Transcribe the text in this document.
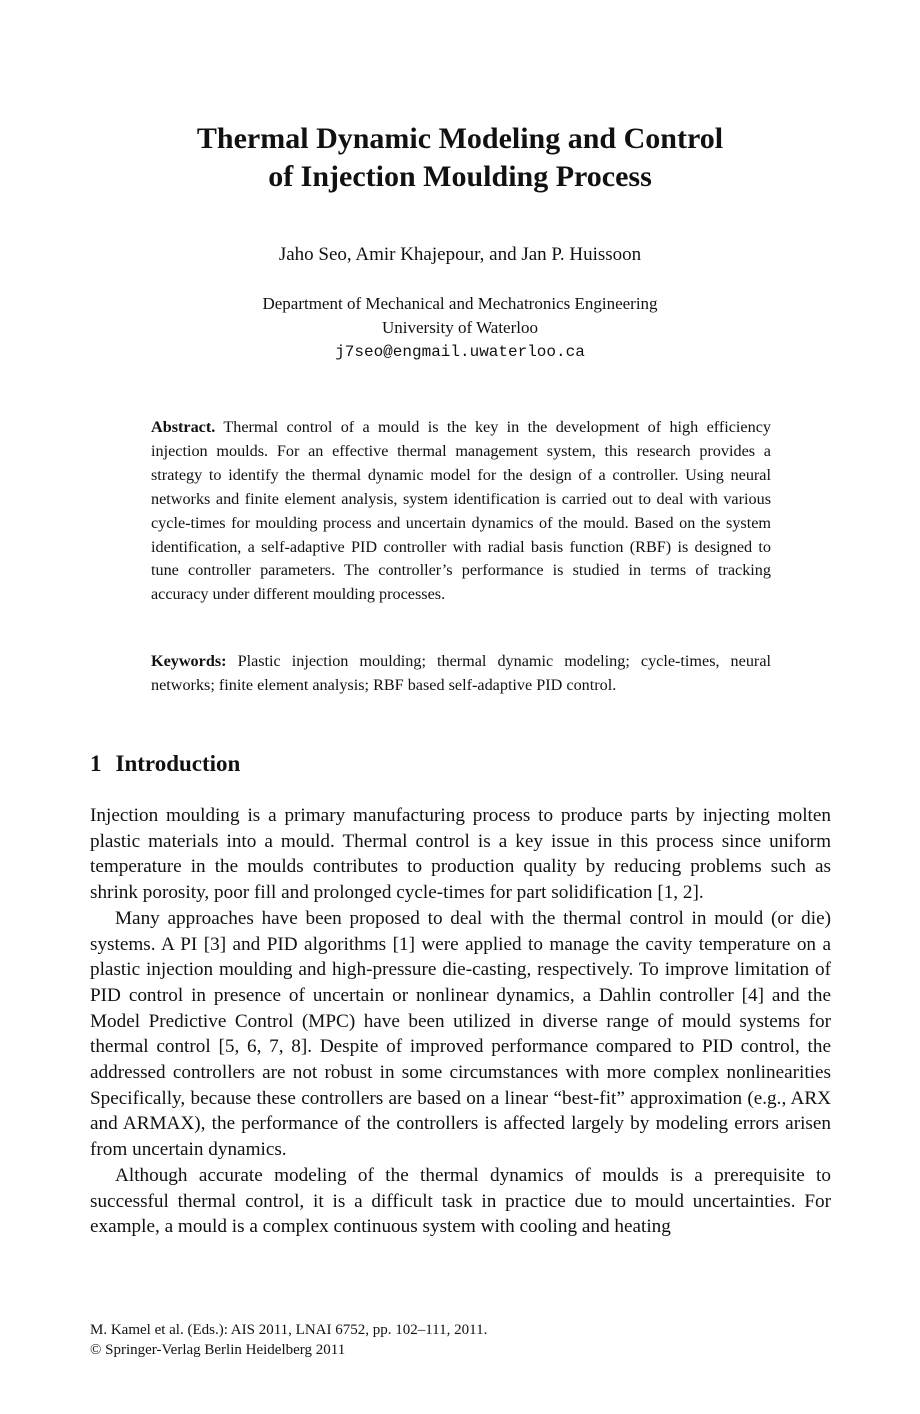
Thermal Dynamic Modeling and Control
of Injection Moulding Process

Jaho Seo, Amir Khajepour, and Jan P. Huissoon

Department of Mechanical and Mechatronics Engineering
University of Waterloo
j7seo@engmail.uwaterloo.ca

Abstract. Thermal control of a mould is the key in the development of high efficiency injection moulds. For an effective thermal management system, this research provides a strategy to identify the thermal dynamic model for the design of a controller. Using neural networks and finite element analysis, system identification is carried out to deal with various cycle-times for moulding process and uncertain dynamics of the mould. Based on the system identification, a self-adaptive PID controller with radial basis function (RBF) is designed to tune controller parameters. The controller’s performance is studied in terms of tracking accuracy under different moulding processes.

Keywords: Plastic injection moulding; thermal dynamic modeling; cycle-times, neural networks; finite element analysis; RBF based self-adaptive PID control.

1 Introduction

Injection moulding is a primary manufacturing process to produce parts by injecting molten plastic materials into a mould. Thermal control is a key issue in this process since uniform temperature in the moulds contributes to production quality by reducing problems such as shrink porosity, poor fill and prolonged cycle-times for part solidification [1, 2].

Many approaches have been proposed to deal with the thermal control in mould (or die) systems. A PI [3] and PID algorithms [1] were applied to manage the cavity temperature on a plastic injection moulding and high-pressure die-casting, respectively. To improve limitation of PID control in presence of uncertain or nonlinear dynamics, a Dahlin controller [4] and the Model Predictive Control (MPC) have been utilized in diverse range of mould systems for thermal control [5, 6, 7, 8]. Despite of improved performance compared to PID control, the addressed controllers are not robust in some circumstances with more complex nonlinearities Specifically, because these controllers are based on a linear “best-fit” approximation (e.g., ARX and ARMAX), the performance of the controllers is affected largely by modeling errors arisen from uncertain dynamics.

Although accurate modeling of the thermal dynamics of moulds is a prerequisite to successful thermal control, it is a difficult task in practice due to mould uncertainties. For example, a mould is a complex continuous system with cooling and heating

M. Kamel et al. (Eds.): AIS 2011, LNAI 6752, pp. 102–111, 2011.
© Springer-Verlag Berlin Heidelberg 2011
